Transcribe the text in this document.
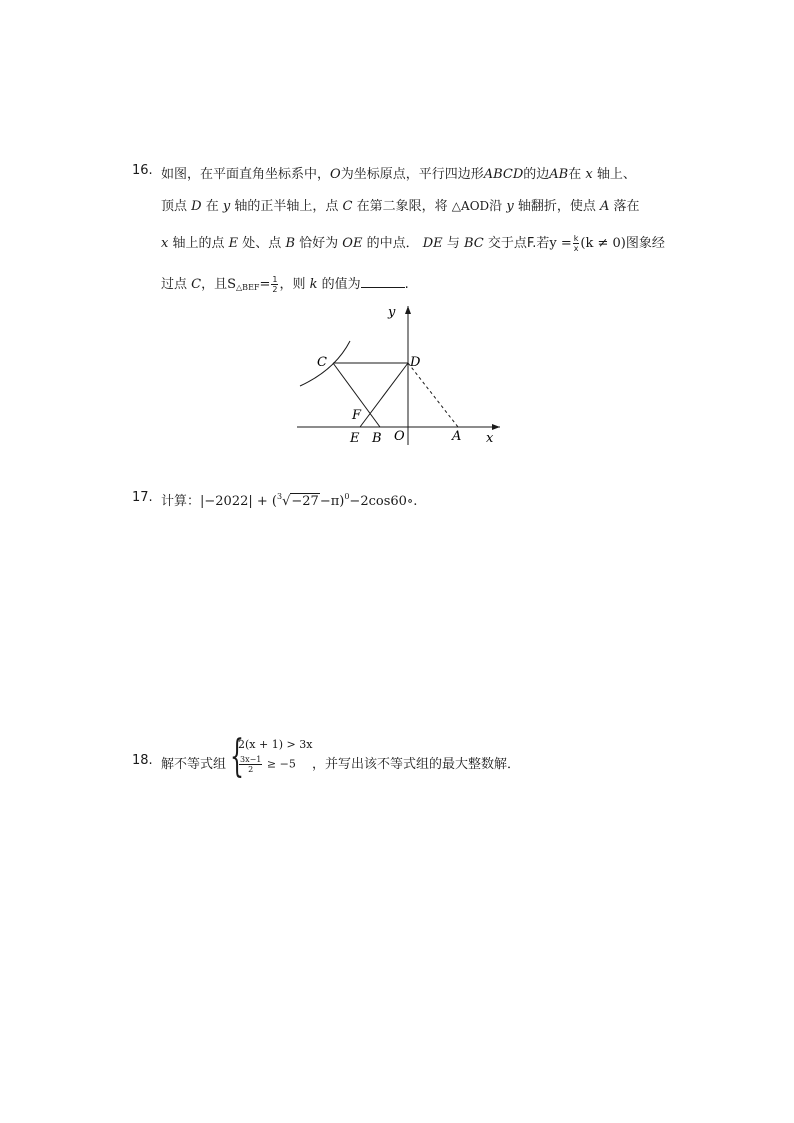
16. 如图，在平面直角坐标系中，O为坐标原点，平行四边形ABCD的边AB在 x 轴上、
顶点 D 在 y 轴的正半轴上，点 C 在第二象限，将 △AOD沿 y 轴翻折，使点 A 落在
x 轴上的点 E 处、点 B 恰好为 OE 的中点． DE 与 BC 交于点F.若$y = \frac{k}{x} (k \ne 0)$图象经
过点 C，且$S_{\triangle BEF}= \frac{1}{2}$ ，则 k 的值为	.
y
x
C	D
F
E B O	A
17. 计算：$|-2022| + (^3√-27-\pi)^0-2\cos 60\circ$.
18. 解不等式组 {
2(x + 1) > 3x
$\frac{3x-1}{2} \ge -5$ ，并写出该不等式组的最大整数解．
